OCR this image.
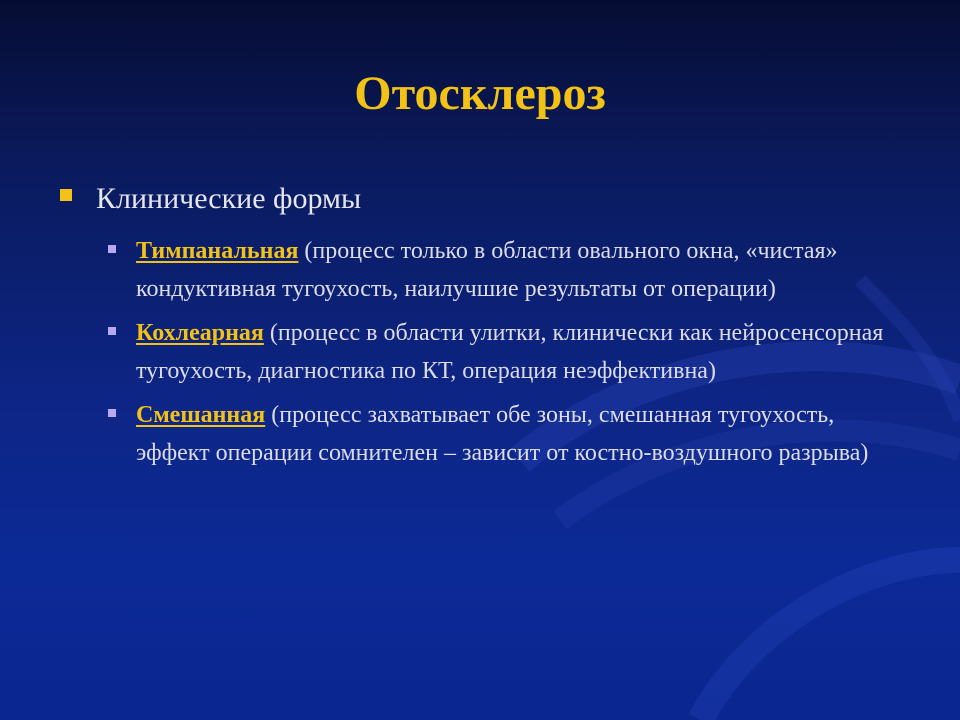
Отосклероз
Клинические формы
Тимпанальная (процесс только в области овального окна, «чистая» кондуктивная тугоухость, наилучшие результаты от операции)
Кохлеарная (процесс в области улитки, клинически как нейросенсорная тугоухость, диагностика по КТ, операция неэффективна)
Смешанная (процесс захватывает обе зоны, смешанная тугоухость, эффект операции сомнителен – зависит от костно-воздушного разрыва)
